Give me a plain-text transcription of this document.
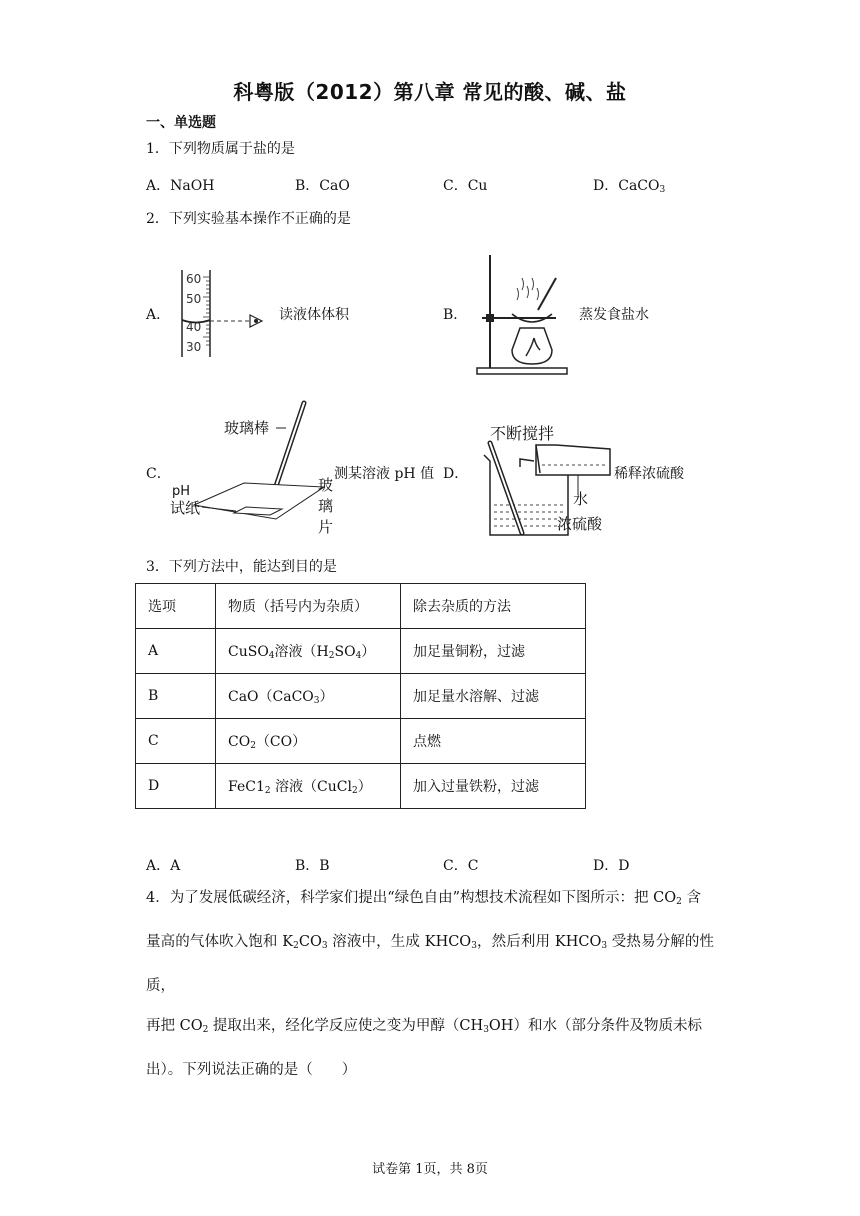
科粤版（2012）第八章 常见的酸、碱、盐
一、单选题
1．下列物质属于盐的是
A．NaOH	B．CaO	C．Cu	D．CaCO$_3$
2．下列实验基本操作不正确的是
A．
60
50
40
30
读液体体积	B．	蒸发食盐水
C．
玻璃棒
pH
试纸
玻
璃
片
测某溶液 pH 值 D．
不断搅拌
水
浓硫酸
稀释浓硫酸
3．下列方法中，能达到目的是
选项	物质（括号内为杂质）	除去杂质的方法
A	CuSO$_4$溶液$(H_2SO_4)$	加足量铜粉，过滤
B	CaO（CaCO$_3$）	加足量水溶解、过滤
C	$CO_2(CO)$	点燃
D	$FeC1_2$ 溶液（CuCl$_2$）	加入过量铁粉，过滤
A．A	B．B	C．C	D．D
4．为了发展低碳经济，科学家们提出“绿色自由”构想技术流程如下图所示：把 $CO_2$ 含
量高的气体吹入饱和 $K_2CO_3$ 溶液中，生成 $KHCO_3$，然后利用 $KHCO_3$ 受热易分解的性质，
再把 $CO_2$ 提取出来，经化学反应使之变为甲醇$(CH_3OH)$和水（部分条件及物质未标
出）。下列说法正确的是（　　）
试卷第 1页，共 8页
